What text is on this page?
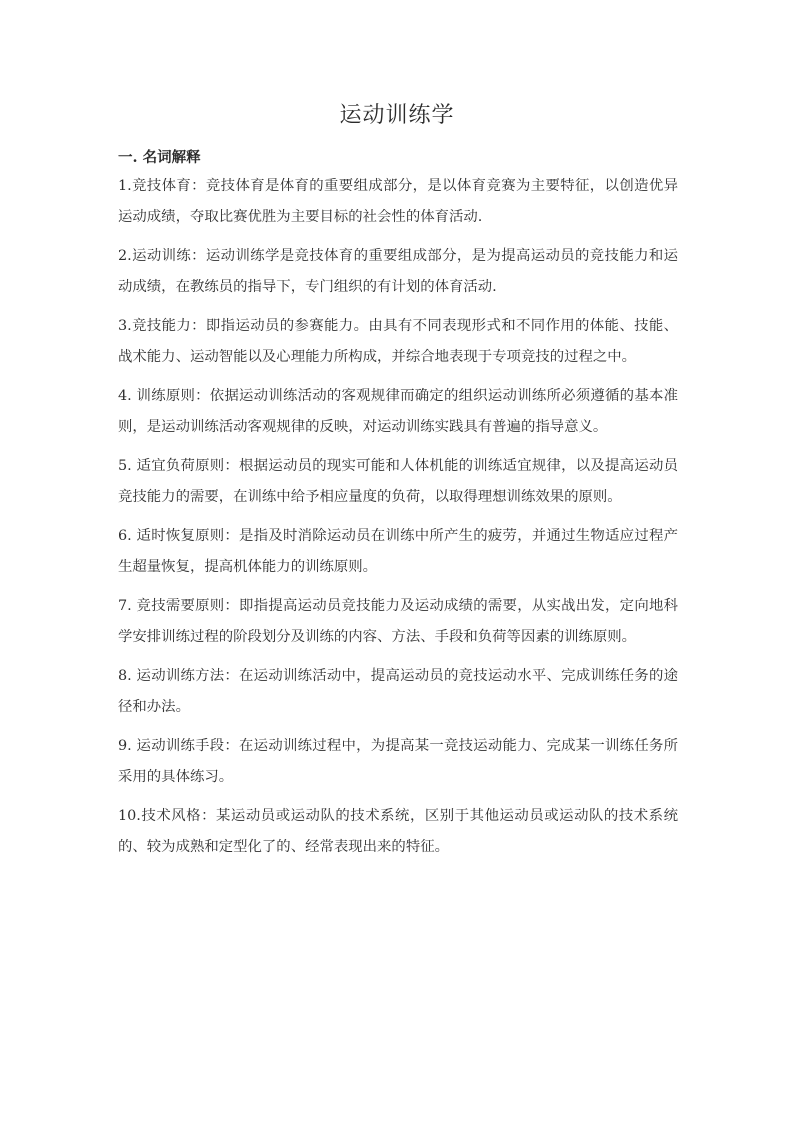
运动训练学
一. 名词解释

1.竞技体育：竞技体育是体育的重要组成部分，是以体育竞赛为主要特征，以创造优异运动成绩，夺取比赛优胜为主要目标的社会性的体育活动.

2.运动训练：运动训练学是竞技体育的重要组成部分，是为提高运动员的竞技能力和运动成绩，在教练员的指导下，专门组织的有计划的体育活动.

3.竞技能力：即指运动员的参赛能力。由具有不同表现形式和不同作用的体能、技能、战术能力、运动智能以及心理能力所构成，并综合地表现于专项竞技的过程之中。

4. 训练原则：依据运动训练活动的客观规律而确定的组织运动训练所必须遵循的基本准则，是运动训练活动客观规律的反映，对运动训练实践具有普遍的指导意义。

5. 适宜负荷原则：根据运动员的现实可能和人体机能的训练适宜规律，以及提高运动员竞技能力的需要，在训练中给予相应量度的负荷，以取得理想训练效果的原则。

6. 适时恢复原则：是指及时消除运动员在训练中所产生的疲劳，并通过生物适应过程产生超量恢复，提高机体能力的训练原则。

7. 竞技需要原则：即指提高运动员竞技能力及运动成绩的需要，从实战出发，定向地科学安排训练过程的阶段划分及训练的内容、方法、手段和负荷等因素的训练原则。

8. 运动训练方法：在运动训练活动中，提高运动员的竞技运动水平、完成训练任务的途径和办法。

9. 运动训练手段：在运动训练过程中，为提高某一竞技运动能力、完成某一训练任务所采用的具体练习。

10.技术风格：某运动员或运动队的技术系统，区别于其他运动员或运动队的技术系统的、较为成熟和定型化了的、经常表现出来的特征。
